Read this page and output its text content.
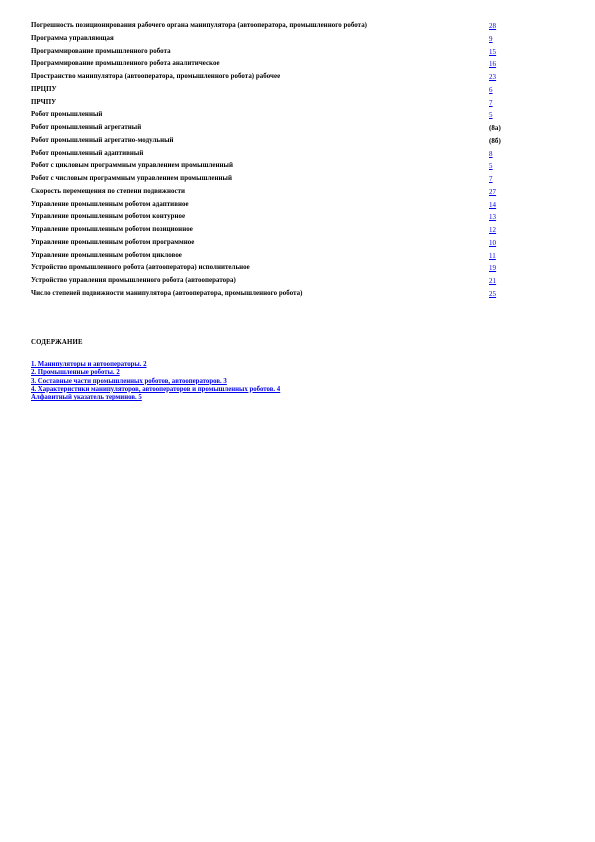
Погрешность позиционирования рабочего органа манипулятора (автооператора, промышленного робота)	28
Программа управляющая	9
Программирование промышленного робота	15
Программирование промышленного робота аналитическое	16
Пространство манипулятора (автооператора, промышленного робота) рабочее	23
ПРЦПУ	6
ПРЧПУ	7
Робот промышленный	5
Робот промышленный агрегатный	(8а)
Робот промышленный агрегатно-модульный	(8б)
Робот промышленный адаптивный	8
Робот с цикловым программным управлением промышленный	5
Робот с числовым программным управлением промышленный	7
Скорость перемещения по степени подвижности	27
Управление промышленным роботом адаптивное	14
Управление промышленным роботом контурное	13
Управление промышленным роботом позиционное	12
Управление промышленным роботом программное	10
Управление промышленным роботом цикловое	11
Устройство промышленного робота (автооператора) исполнительное	19
Устройство управления промышленного робота (автооператора)	21
Число степеней подвижности манипулятора (автооператора, промышленного робота)	25
СОДЕРЖАНИЕ
1. Манипуляторы и автооператоры. 2
2. Промышленные роботы. 2
3. Составные части промышленных роботов, автооператоров. 3
4. Характеристики манипуляторов, автооператоров и промышленных роботов. 4
Алфавитный указатель терминов. 5
